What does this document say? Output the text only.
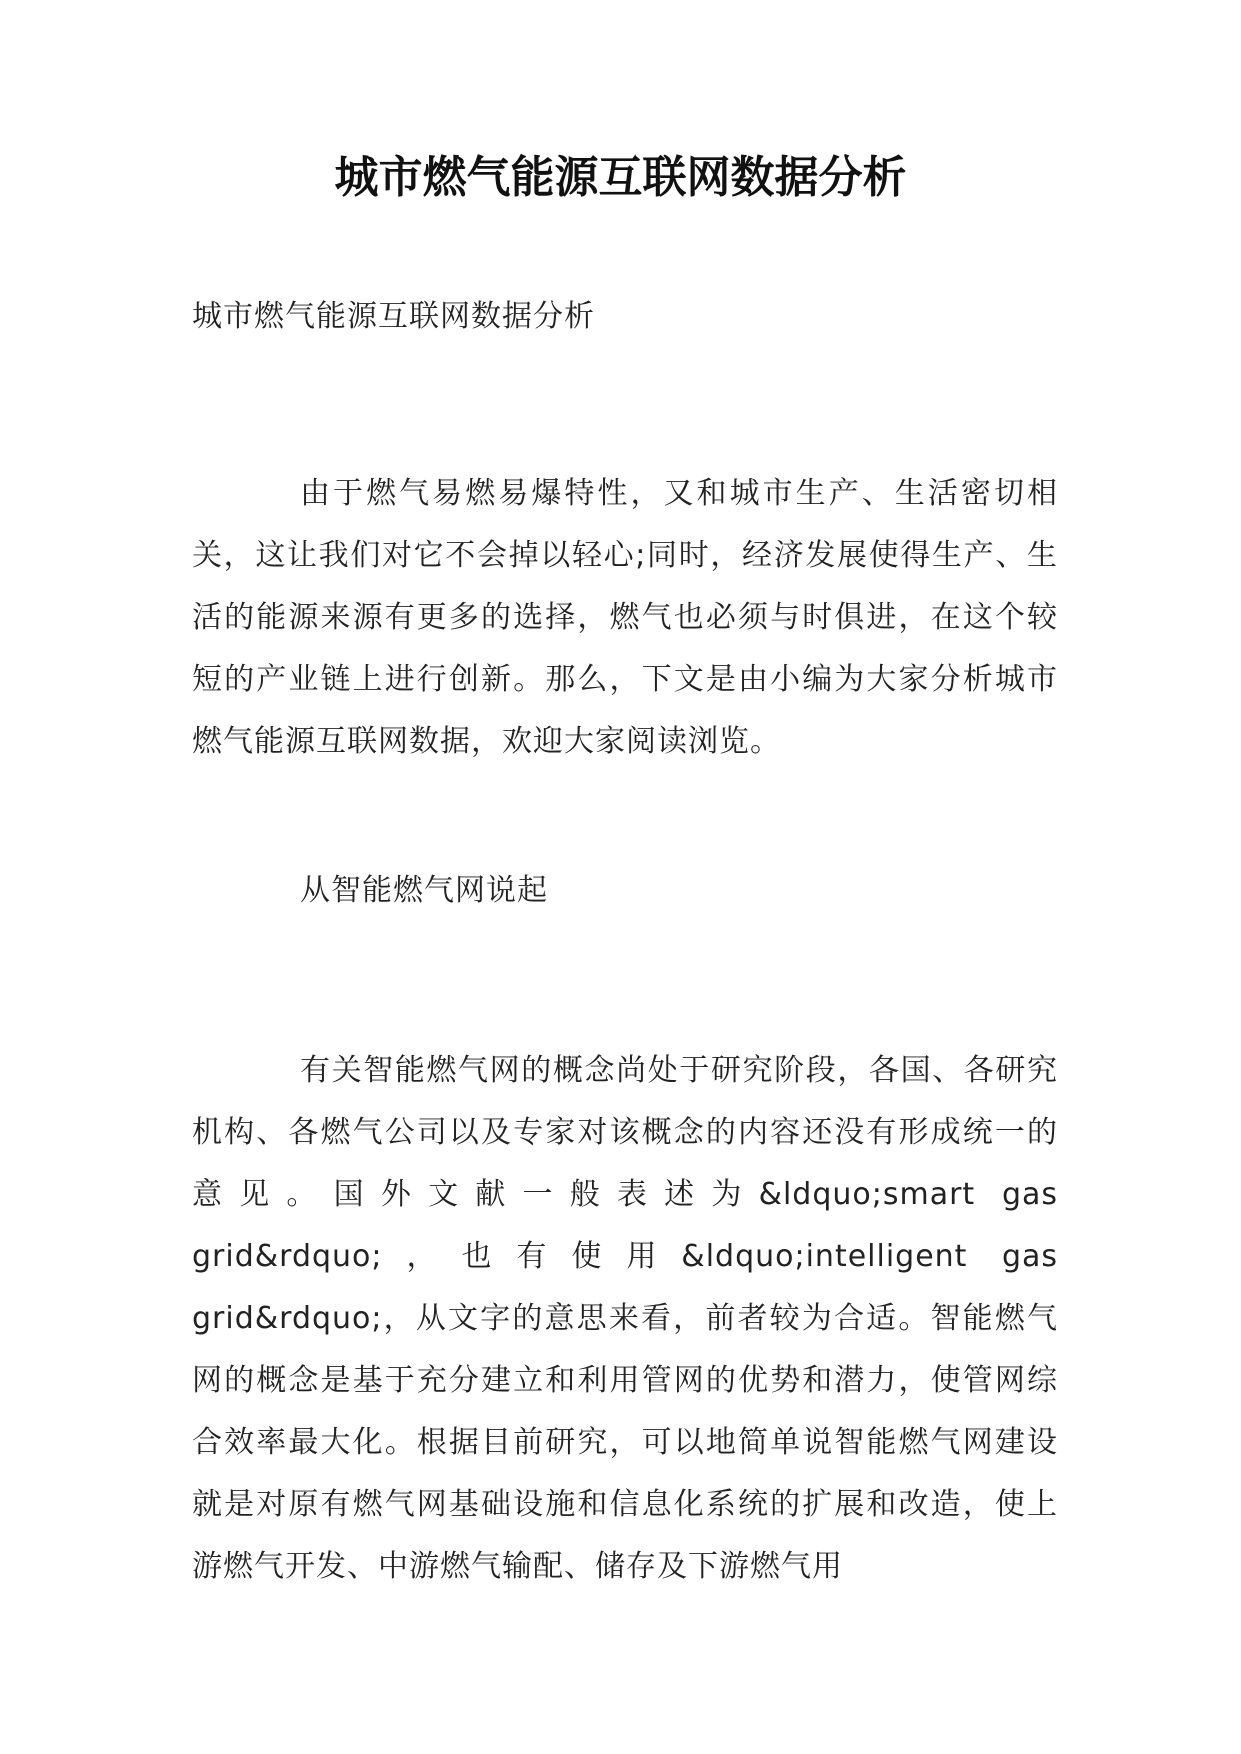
城市燃气能源互联网数据分析

城市燃气能源互联网数据分析

由于燃气易燃易爆特性，又和城市生产、生活密切相关，这让我们对它不会掉以轻心;同时，经济发展使得生产、生活的能源来源有更多的选择，燃气也必须与时俱进，在这个较短的产业链上进行创新。那么，下文是由小编为大家分析城市燃气能源互联网数据，欢迎大家阅读浏览。

从智能燃气网说起

有关智能燃气网的概念尚处于研究阶段，各国、各研究机构、各燃气公司以及专家对该概念的内容还没有形成统一的意见。国外文献一般表述为&ldquo;smart gas grid&rdquo;，也有使用&ldquo;intelligent gas grid&rdquo;，从文字的意思来看，前者较为合适。智能燃气网的概念是基于充分建立和利用管网的优势和潜力，使管网综合效率最大化。根据目前研究，可以地简单说智能燃气网建设就是对原有燃气网基础设施和信息化系统的扩展和改造，使上游燃气开发、中游燃气输配、储存及下游燃气用
